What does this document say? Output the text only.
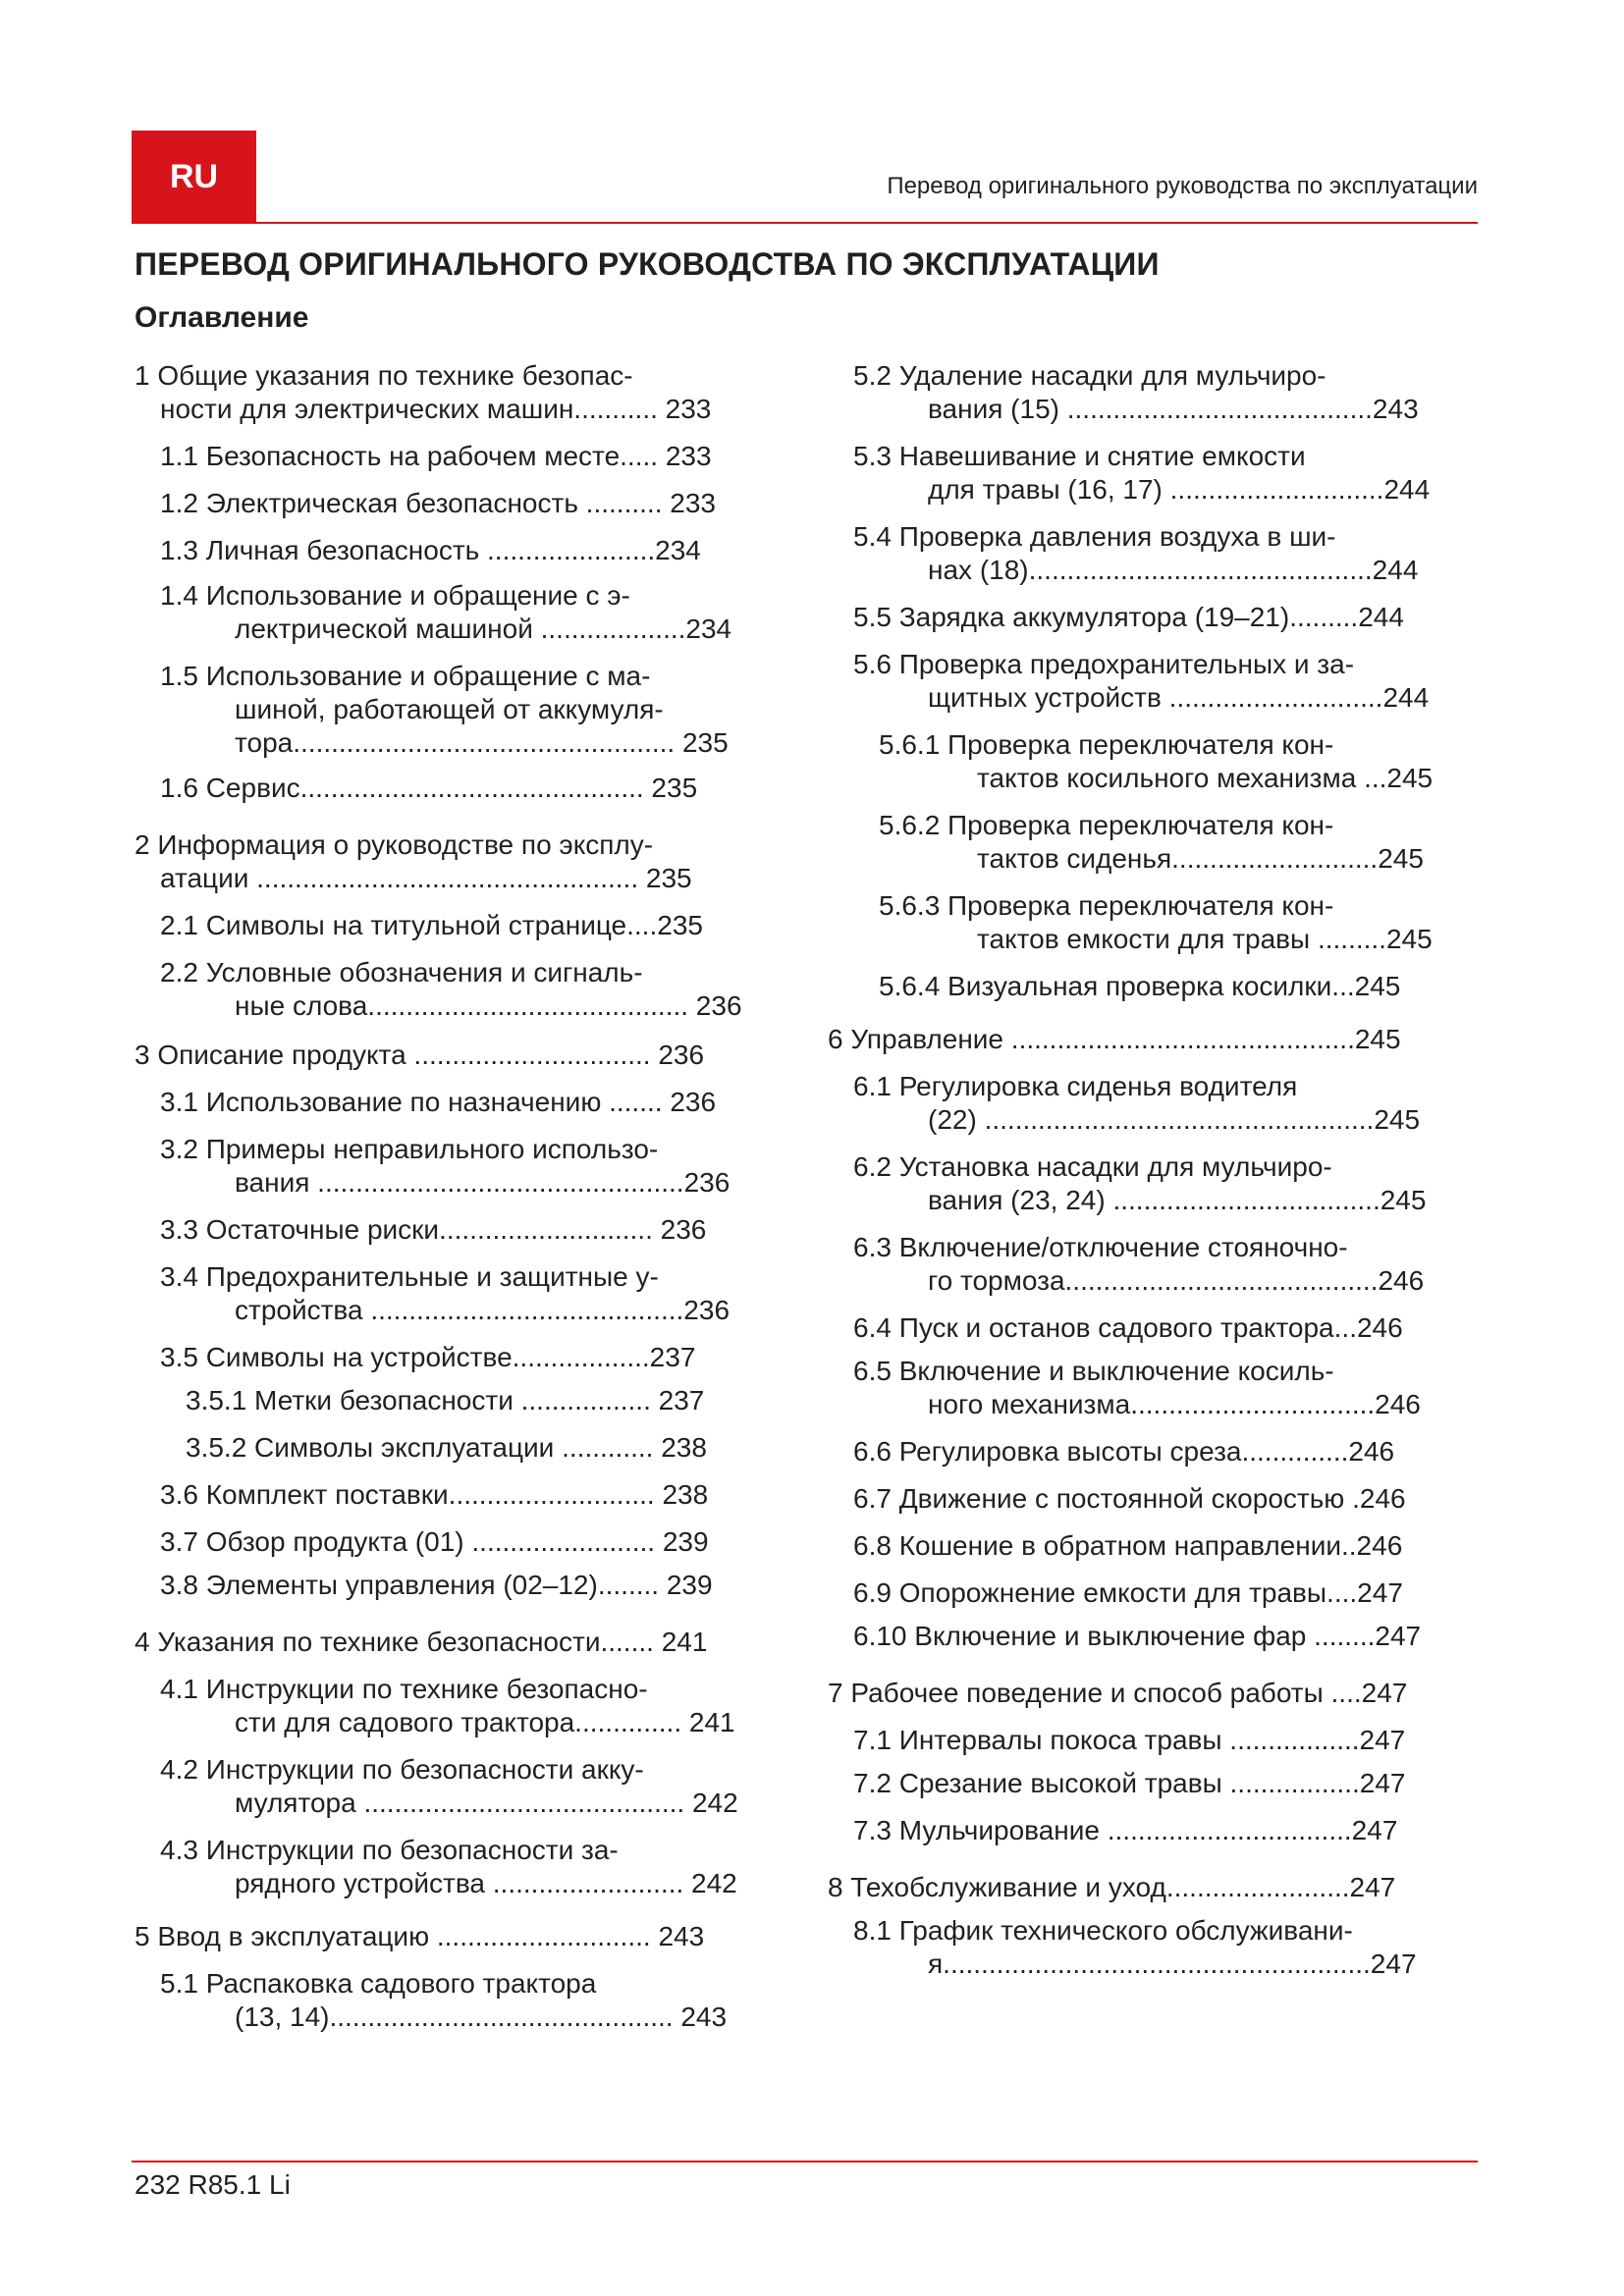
RU	Перевод оригинального руководства по эксплуатации
ПЕРЕВОД ОРИГИНАЛЬНОГО РУКОВОДСТВА ПО ЭКСПЛУАТАЦИИ
Оглавление
1 Общие указания по технике безопас-
ности для электрических машин........... 233
1.1 Безопасность на рабочем месте..... 233
1.2 Электрическая безопасность .......... 233
1.3 Личная безопасность ......................234
1.4 Использование и обращение с э-
лектрической машиной ...................234
1.5 Использование и обращение с ма-
шиной, работающей от аккумуля-
тора.................................................. 235
1.6 Сервис............................................. 235
2 Информация о руководстве по эксплу-
атации .................................................. 235
2.1 Символы на титульной странице....235
2.2 Условные обозначения и сигналь-
ные слова.......................................... 236
3 Описание продукта ............................... 236
3.1 Использование по назначению ....... 236
3.2 Примеры неправильного использо-
вания ................................................236
3.3 Остаточные риски............................ 236
3.4 Предохранительные и защитные у-
стройства .........................................236
3.5 Символы на устройстве..................237
3.5.1 Метки безопасности ................. 237
3.5.2 Символы эксплуатации ............ 238
3.6 Комплект поставки........................... 238
3.7 Обзор продукта (01) ........................ 239
3.8 Элементы управления (02–12)........ 239
4 Указания по технике безопасности....... 241
4.1 Инструкции по технике безопасно-
сти для садового трактора.............. 241
4.2 Инструкции по безопасности акку-
мулятора .......................................... 242
4.3 Инструкции по безопасности за-
рядного устройства ......................... 242
5 Ввод в эксплуатацию ............................ 243
5.1 Распаковка садового трактора
(13, 14)............................................. 243
5.2 Удаление насадки для мульчиро-
вания (15) ........................................243
5.3 Навешивание и снятие емкости
для травы (16, 17) ............................244
5.4 Проверка давления воздуха в ши-
нах (18).............................................244
5.5 Зарядка аккумулятора (19–21).........244
5.6 Проверка предохранительных и за-
щитных устройств ............................244
5.6.1 Проверка переключателя кон-
тактов косильного механизма ...245
5.6.2 Проверка переключателя кон-
тактов сиденья...........................245
5.6.3 Проверка переключателя кон-
тактов емкости для травы .........245
5.6.4 Визуальная проверка косилки...245
6 Управление .............................................245
6.1 Регулировка сиденья водителя
(22) ...................................................245
6.2 Установка насадки для мульчиро-
вания (23, 24) ...................................245
6.3 Включение/отключение стояночно-
го тормоза.........................................246
6.4 Пуск и останов садового трактора...246
6.5 Включение и выключение косиль-
ного механизма................................246
6.6 Регулировка высоты среза..............246
6.7 Движение с постоянной скоростью .246
6.8 Кошение в обратном направлении..246
6.9 Опорожнение емкости для травы....247
6.10 Включение и выключение фар ........247
7 Рабочее поведение и способ работы ....247
7.1 Интервалы покоса травы .................247
7.2 Срезание высокой травы .................247
7.3 Мульчирование ................................247
8 Техобслуживание и уход........................247
8.1 График технического обслуживани-
я........................................................247
232 R85.1 Li
